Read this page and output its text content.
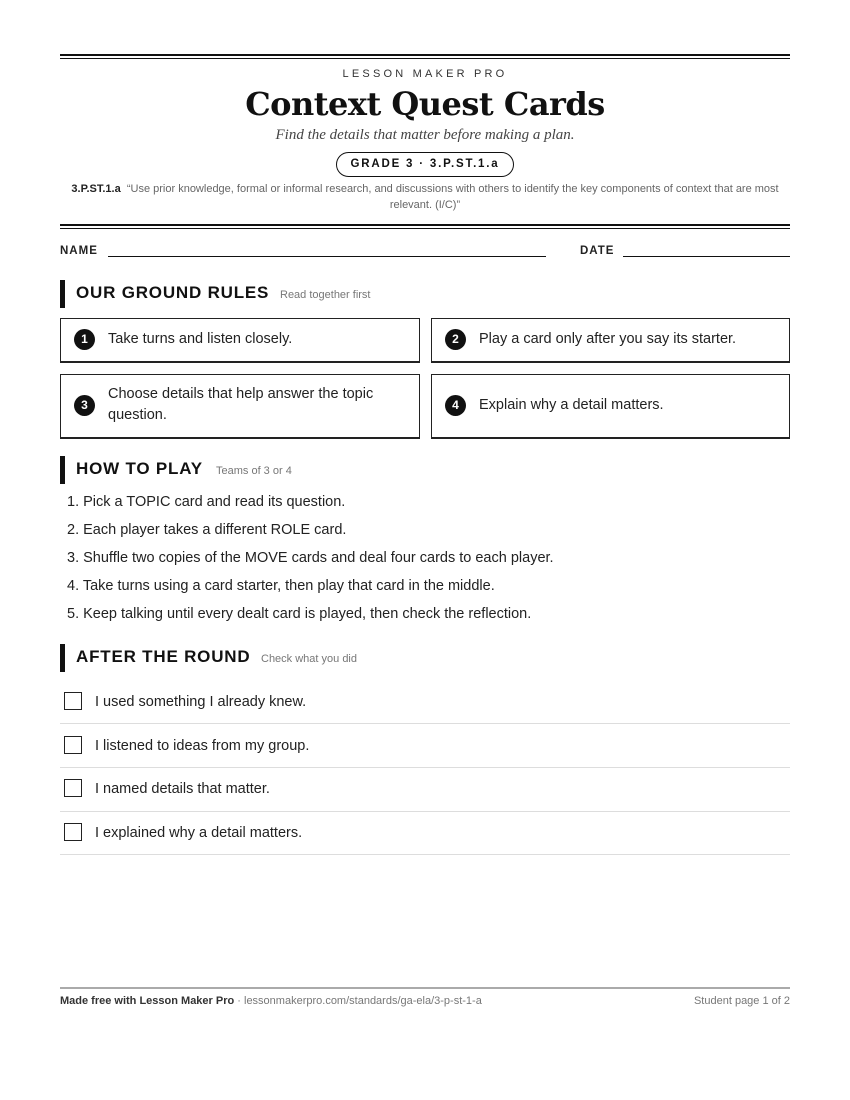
LESSON MAKER PRO
Context Quest Cards
Find the details that matter before making a plan.
GRADE 3 · 3.P.ST.1.a
3.P.ST.1.a “Use prior knowledge, formal or informal research, and discussions with others to identify the key components of context that are most relevant. (I/C)”
NAME	DATE
OUR GROUND RULES Read together first
1	Take turns and listen closely.	2	Play a card only after you say its starter.
3
Choose details that help answer the topic question.
4	Explain why a detail matters.
HOW TO PLAY Teams of 3 or 4
1. Pick a TOPIC card and read its question.
2. Each player takes a different ROLE card.
3. Shuffle two copies of the MOVE cards and deal four cards to each player.
4. Take turns using a card starter, then play that card in the middle.
5. Keep talking until every dealt card is played, then check the reflection.
AFTER THE ROUND Check what you did
I used something I already knew.
I listened to ideas from my group.
I named details that matter.
I explained why a detail matters.
Made free with Lesson Maker Pro · lessonmakerpro.com/standards/ga-ela/3-p-st-1-a	Student page 1 of 2
